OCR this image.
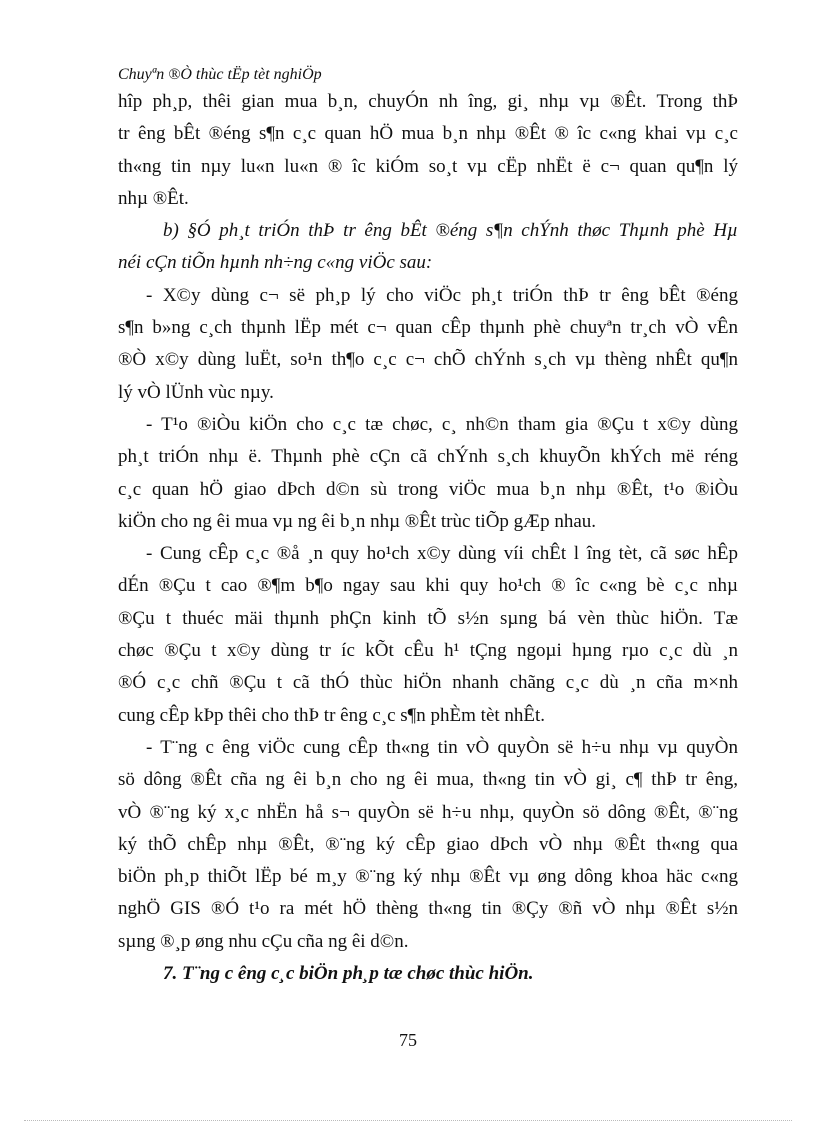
Chuyªn ®Ò thùc tËp tèt nghiÖp
hîp ph¸p, thêi gian mua b¸n, chuyÓn nh îng, gi¸ nhµ vµ ®Êt. Trong thÞ
tr êng bÊt ®éng s¶n c¸c quan hÖ mua b¸n nhµ ®Êt ® îc c«ng khai vµ c¸c
th«ng tin nµy lu«n lu«n ® îc kiÓm so¸t vµ cËp nhËt ë c¬ quan qu¶n lý
nhµ ®Êt.
b) §Ó ph¸t triÓn thÞ tr êng bÊt ®éng s¶n chÝnh thøc Thµnh phè Hµ
néi cÇn tiÕn hµnh nh÷ng c«ng viÖc sau:
- X©y dùng c¬ së ph¸p lý cho viÖc ph¸t triÓn thÞ tr êng bÊt ®éng
s¶n b»ng c¸ch thµnh lËp mét c¬ quan cÊp thµnh phè chuyªn tr¸ch vÒ vÊn
®Ò x©y dùng luËt, so¹n th¶o c¸c c¬ chÕ chÝnh s¸ch vµ thèng nhÊt qu¶n
lý vÒ lÜnh vùc nµy.
- T¹o ®iÒu kiÖn cho c¸c tæ chøc, c¸ nh©n tham gia ®Çu t x©y dùng
ph¸t triÓn nhµ ë. Thµnh phè cÇn cã chÝnh s¸ch khuyÕn khÝch më réng
c¸c quan hÖ giao dÞch d©n sù trong viÖc mua b¸n nhµ ®Êt, t¹o ®iÒu
kiÖn cho ng êi mua vµ ng êi b¸n nhµ ®Êt trùc tiÕp gÆp nhau.
- Cung cÊp c¸c ®å ¸n quy ho¹ch x©y dùng víi chÊt l îng tèt, cã søc hÊp
dÉn ®Çu t cao ®¶m b¶o ngay sau khi quy ho¹ch ® îc c«ng bè c¸c nhµ
®Çu t thuéc mäi thµnh phÇn kinh tÕ s½n sµng bá vèn thùc hiÖn. Tæ
chøc ®Çu t x©y dùng tr íc kÕt cÊu h¹ tÇng ngoµi hµng rµo c¸c dù ¸n
®Ó c¸c chñ ®Çu t cã thÓ thùc hiÖn nhanh chãng c¸c dù ¸n cña m×nh
cung cÊp kÞp thêi cho thÞ tr êng c¸c s¶n phÈm tèt nhÊt.
- T¨ng c êng viÖc cung cÊp th«ng tin vÒ quyÒn së h÷u nhµ vµ quyÒn
sö dông ®Êt cña ng êi b¸n cho ng êi mua, th«ng tin vÒ gi¸ c¶ thÞ tr êng,
vÒ ®¨ng ký x¸c nhËn hå s¬ quyÒn së h÷u nhµ, quyÒn sö dông ®Êt, ®¨ng
ký thÕ chÊp nhµ ®Êt, ®¨ng ký cÊp giao dÞch vÒ nhµ ®Êt th«ng qua
biÖn ph¸p thiÕt lËp bé m¸y ®¨ng ký nhµ ®Êt vµ øng dông khoa häc c«ng
nghÖ GIS ®Ó t¹o ra mét hÖ thèng th«ng tin ®Çy ®ñ vÒ nhµ ®Êt s½n
sµng ®¸p øng nhu cÇu cña ng êi d©n.
7. T¨ng c êng c¸c biÖn ph¸p tæ chøc thùc hiÖn.
75
